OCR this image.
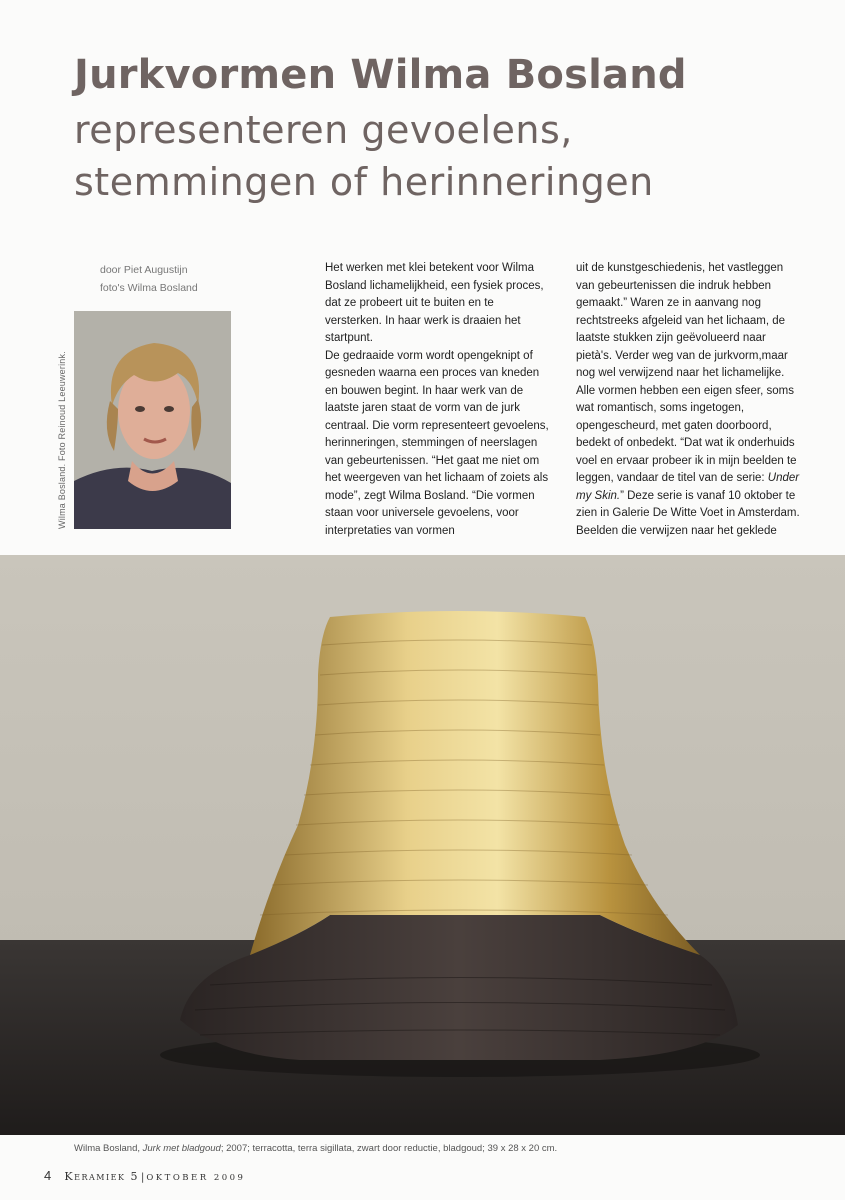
Jurkvormen Wilma Bosland
representeren gevoelens,
stemmingen of herinneringen
door Piet Augustijn
foto's Wilma Bosland
Wilma Bosland. Foto Reinoud Leeuwerink.

Het werken met klei betekent voor Wilma Bosland lichamelijkheid, een fysiek proces, dat ze probeert uit te buiten en te versterken. In haar werk is draaien het startpunt.

De gedraaide vorm wordt opengeknipt of gesneden waarna een proces van kneden en bouwen begint. In haar werk van de laatste jaren staat de vorm van de jurk centraal. Die vorm representeert gevoelens, herinneringen, stemmingen of neerslagen van gebeurtenissen. “Het gaat me niet om het weergeven van het lichaam of zoiets als mode”, zegt Wilma Bosland. “Die vormen staan voor universele gevoelens, voor interpretaties van vormen

uit de kunstgeschiedenis, het vastleggen van gebeurtenissen die indruk hebben gemaakt.” Waren ze in aanvang nog rechtstreeks afgeleid van het lichaam, de laatste stukken zijn geëvolueerd naar pietà's. Verder weg van de jurkvorm,maar nog wel verwijzend naar het lichamelijke. Alle vormen hebben een eigen sfeer, soms wat romantisch, soms ingetogen, opengescheurd, met gaten doorboord, bedekt of onbedekt. “Dat wat ik onderhuids voel en ervaar probeer ik in mijn beelden te leggen, vandaar de titel van de serie: Under my Skin.” Deze serie is vanaf 10 oktober te zien in Galerie De Witte Voet in Amsterdam. Beelden die verwijzen naar het geklede

Wilma Bosland, Jurk met bladgoud; 2007; terracotta, terra sigillata, zwart door reductie, bladgoud; 39 x 28 x 20 cm.
4 Keramiek 5 | OKTOBER 2009
